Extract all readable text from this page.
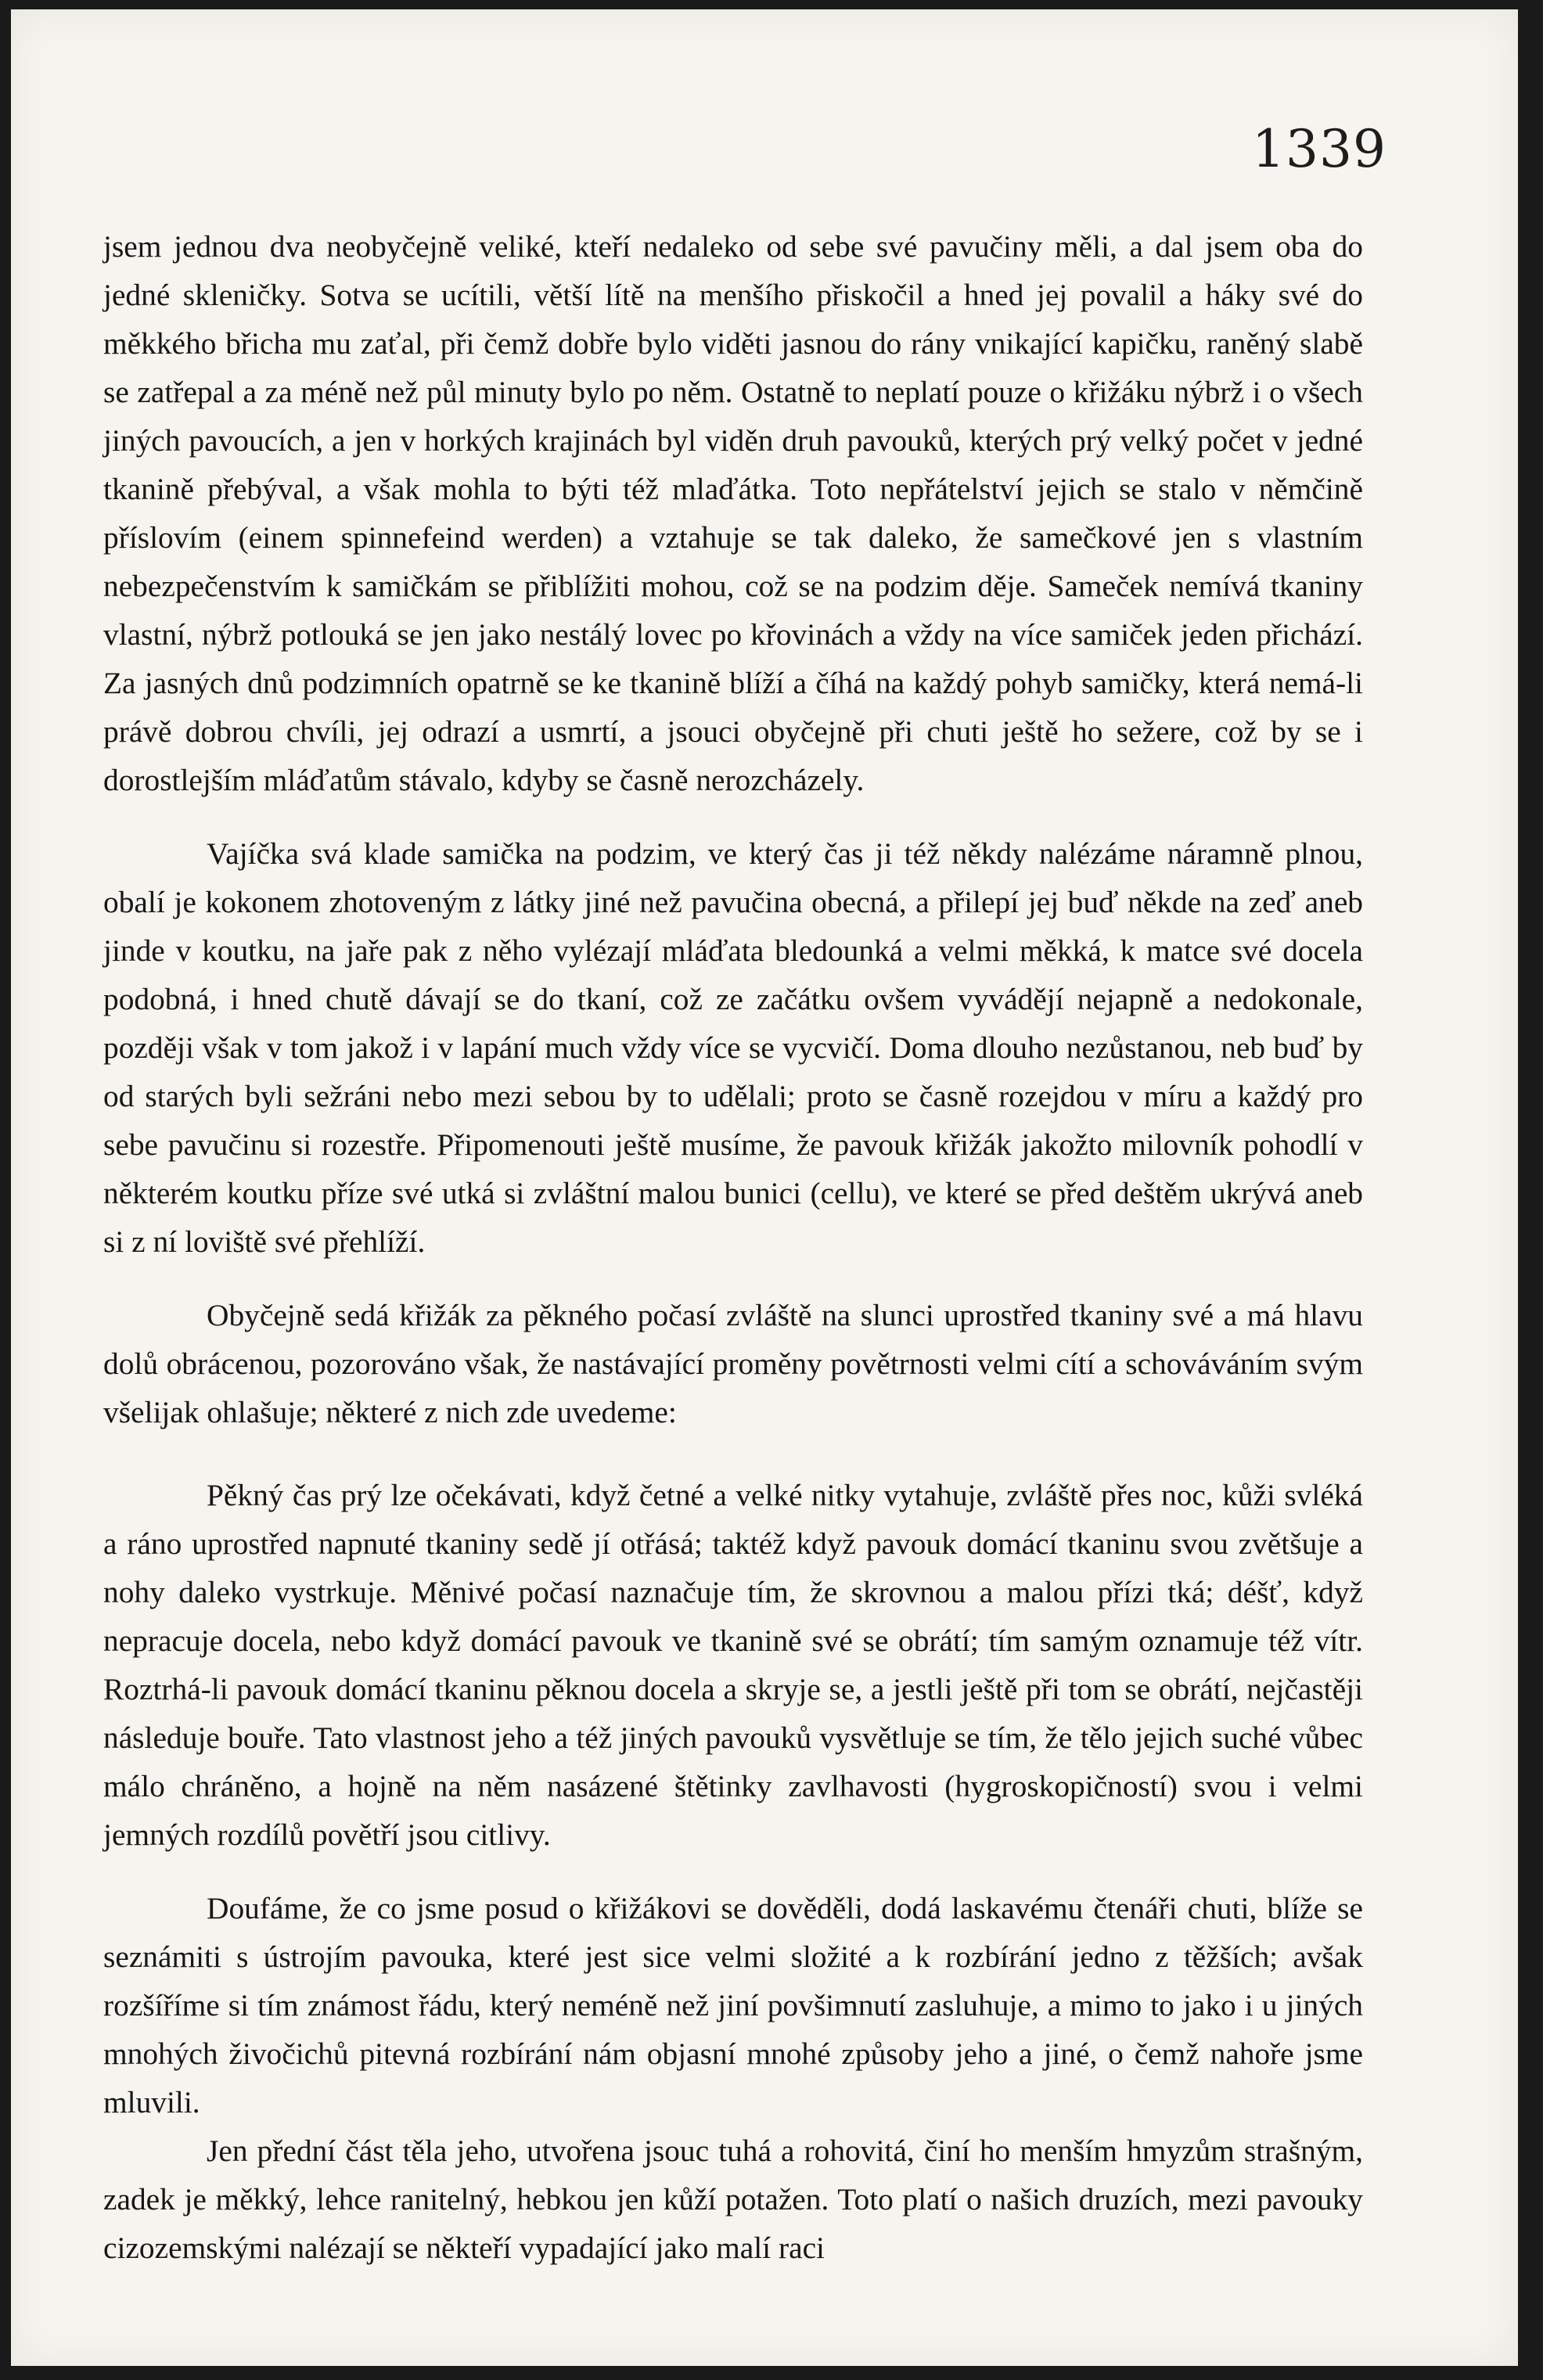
1339

jsem jednou dva neobyčejně veliké, kteří nedaleko od sebe své pavučiny měli, a dal jsem oba do jedné skleničky. Sotva se ucítili, větší lítě na menšího přiskočil a hned jej povalil a háky své do měkkého břicha mu zaťal, při čemž dobře bylo viděti jasnou do rány vnikající kapičku, raněný slabě se zatřepal a za méně než půl minuty bylo po něm. Ostatně to neplatí pouze o křižáku nýbrž i o všech jiných pavoucích, a jen v horkých krajinách byl viděn druh pavouků, kterých prý velký počet v jedné tkanině přebýval, a však mohla to býti též mlaďátka. Toto nepřátelství jejich se stalo v němčině příslovím (einem spinnefeind werden) a vztahuje se tak daleko, že samečkové jen s vlastním nebezpečenstvím k samičkám se přiblížiti mohou, což se na podzim děje. Sameček nemívá tkaniny vlastní, nýbrž potlouká se jen jako nestálý lovec po křovinách a vždy na více samiček jeden přichází. Za jasných dnů podzimních opatrně se ke tkanině blíží a číhá na každý pohyb samičky, která nemá-li právě dobrou chvíli, jej odrazí a usmrtí, a jsouci obyčejně při chuti ještě ho sežere, což by se i dorostlejším mláďatům stávalo, kdyby se časně nerozcházely.

Vajíčka svá klade samička na podzim, ve který čas ji též někdy nalézáme náramně plnou, obalí je kokonem zhotoveným z látky jiné než pavučina obecná, a přilepí jej buď někde na zeď aneb jinde v koutku, na jaře pak z něho vylézají mláďata bledounká a velmi měkká, k matce své docela podobná, i hned chutě dávají se do tkaní, což ze začátku ovšem vyvádějí nejapně a nedokonale, později však v tom jakož i v lapání much vždy více se vycvičí. Doma dlouho nezůstanou, neb buď by od starých byli sežráni nebo mezi sebou by to udělali; proto se časně rozejdou v míru a každý pro sebe pavučinu si rozestře. Připomenouti ještě musíme, že pavouk křižák jakožto milovník pohodlí v některém koutku příze své utká si zvláštní malou bunici (cellu), ve které se před deštěm ukrývá aneb si z ní loviště své přehlíží.

Obyčejně sedá křižák za pěkného počasí zvláště na slunci uprostřed tkaniny své a má hlavu dolů obrácenou, pozorováno však, že nastávající proměny povětrnosti velmi cítí a schováváním svým všelijak ohlašuje; některé z nich zde uvedeme:

Pěkný čas prý lze očekávati, když četné a velké nitky vytahuje, zvláště přes noc, kůži svléká a ráno uprostřed napnuté tkaniny sedě jí otřásá; taktéž když pavouk domácí tkaninu svou zvětšuje a nohy daleko vystrkuje. Měnivé počasí naznačuje tím, že skrovnou a malou přízi tká; déšť, když nepracuje docela, nebo když domácí pavouk ve tkanině své se obrátí; tím samým oznamuje též vítr. Roztrhá-li pavouk domácí tkaninu pěknou docela a skryje se, a jestli ještě při tom se obrátí, nejčastěji následuje bouře. Tato vlastnost jeho a též jiných pavouků vysvětluje se tím, že tělo jejich suché vůbec málo chráněno, a hojně na něm nasázené štětinky zavlhavosti (hygroskopičností) svou i velmi jemných rozdílů povětří jsou citlivy.

Doufáme, že co jsme posud o křižákovi se dověděli, dodá laskavému čtenáři chuti, blíže se seznámiti s ústrojím pavouka, které jest sice velmi složité a k rozbírání jedno z těžších; avšak rozšíříme si tím známost řádu, který neméně než jiní povšimnutí zasluhuje, a mimo to jako i u jiných mnohých živočichů pitevná rozbírání nám objasní mnohé způsoby jeho a jiné, o čemž nahoře jsme mluvili.

Jen přední část těla jeho, utvořena jsouc tuhá a rohovitá, činí ho menším hmyzům strašným, zadek je měkký, lehce ranitelný, hebkou jen kůží potažen. Toto platí o našich druzích, mezi pavouky cizozemskými nalézají se někteří vypadající jako malí raci
